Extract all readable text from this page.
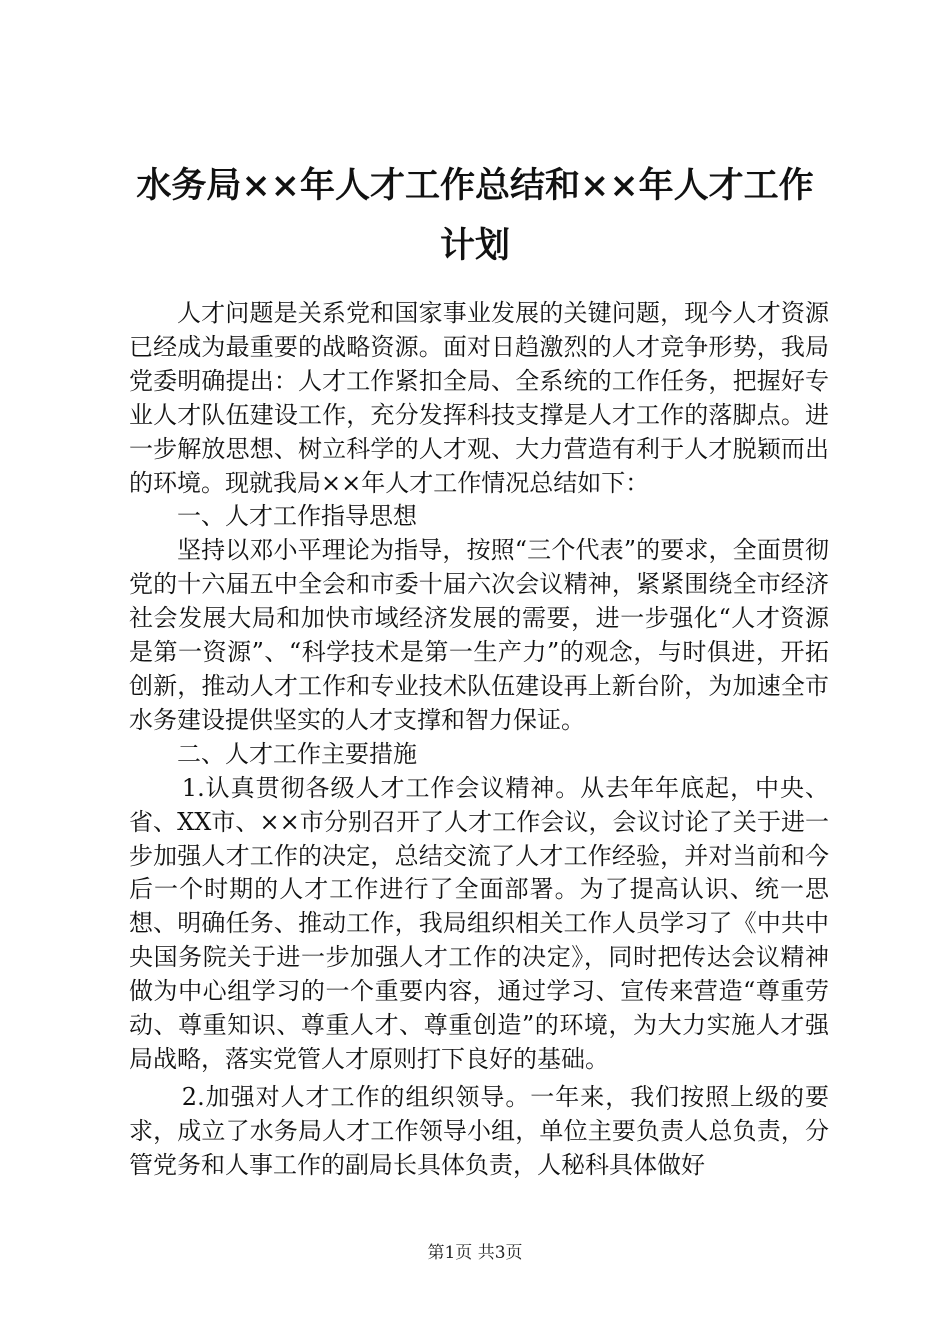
水务局××年人才工作总结和××年人才工作
计划

人才问题是关系党和国家事业发展的关键问题，现今人才资源已经成为最重要的战略资源。面对日趋激烈的人才竞争形势，我局党委明确提出：人才工作紧扣全局、全系统的工作任务，把握好专业人才队伍建设工作，充分发挥科技支撑是人才工作的落脚点。进一步解放思想、树立科学的人才观、大力营造有利于人才脱颖而出的环境。现就我局××年人才工作情况总结如下：

一、人才工作指导思想

坚持以邓小平理论为指导，按照“三个代表”的要求，全面贯彻党的十六届五中全会和市委十届六次会议精神，紧紧围绕全市经济社会发展大局和加快市域经济发展的需要，进一步强化“人才资源是第一资源”、“科学技术是第一生产力”的观念，与时俱进，开拓创新，推动人才工作和专业技术队伍建设再上新台阶，为加速全市水务建设提供坚实的人才支撑和智力保证。

二、人才工作主要措施

1.认真贯彻各级人才工作会议精神。从去年年底起，中央、省、XX市、××市分别召开了人才工作会议，会议讨论了关于进一步加强人才工作的决定，总结交流了人才工作经验，并对当前和今后一个时期的人才工作进行了全面部署。为了提高认识、统一思想、明确任务、推动工作，我局组织相关工作人员学习了《中共中央国务院关于进一步加强人才工作的决定》，同时把传达会议精神做为中心组学习的一个重要内容，通过学习、宣传来营造“尊重劳动、尊重知识、尊重人才、尊重创造”的环境，为大力实施人才强局战略，落实党管人才原则打下良好的基础。

2.加强对人才工作的组织领导。一年来，我们按照上级的要求，成立了水务局人才工作领导小组，单位主要负责人总负责，分管党务和人事工作的副局长具体负责，人秘科具体做好

第1页 共3页
